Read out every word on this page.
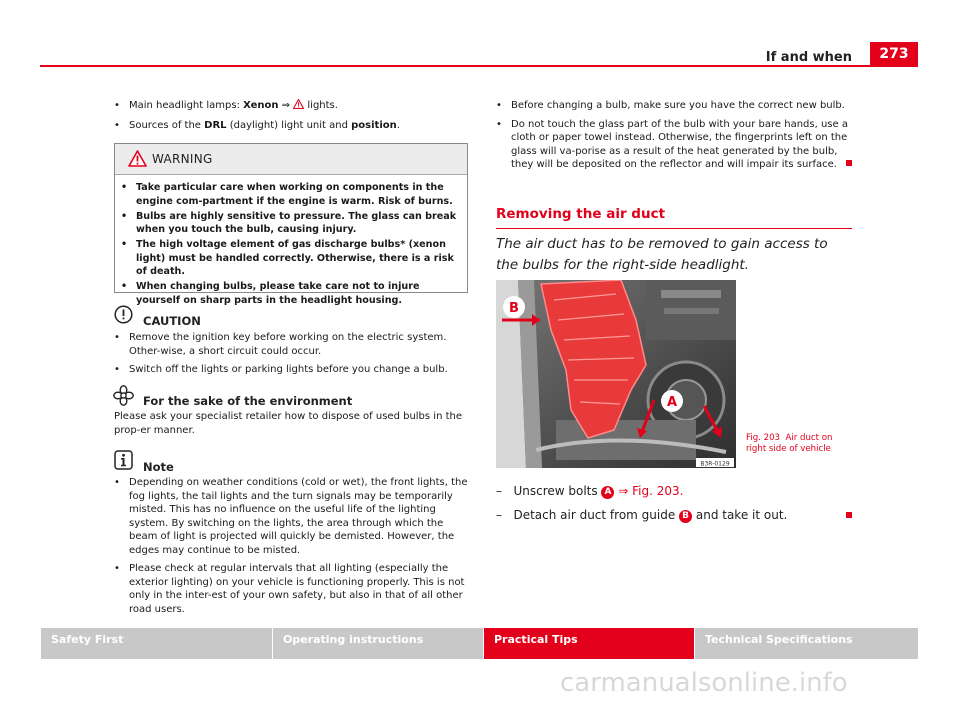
If and when	273
• Main headlight lamps: Xenon ⇒  lights.
• Sources of the DRL (daylight) light unit and position.
WARNING
• Take particular care when working on components in the engine com-partment if the engine is warm. Risk of burns.
• Bulbs are highly sensitive to pressure. The glass can break when you touch the bulb, causing injury.
• The high voltage element of gas discharge bulbs* (xenon light) must be handled correctly. Otherwise, there is a risk of death.
• When changing bulbs, please take care not to injure yourself on sharp parts in the headlight housing.
CAUTION
• Remove the ignition key before working on the electric system. Other-wise, a short circuit could occur.
• Switch off the lights or parking lights before you change a bulb.
For the sake of the environment
Please ask your specialist retailer how to dispose of used bulbs in the prop-er manner.
Note
• Depending on weather conditions (cold or wet), the front lights, the fog lights, the tail lights and the turn signals may be temporarily misted. This has no influence on the useful life of the lighting system. By switching on the lights, the area through which the beam of light is projected will quickly be demisted. However, the edges may continue to be misted.
• Please check at regular intervals that all lighting (especially the exterior lighting) on your vehicle is functioning properly. This is not only in the inter-est of your own safety, but also in that of all other road users.
• Before changing a bulb, make sure you have the correct new bulb.
• Do not touch the glass part of the bulb with your bare hands, use a cloth or paper towel instead. Otherwise, the fingerprints left on the glass will va-porise as a result of the heat generated by the bulb, they will be deposited on the reflector and will impair its surface.
Removing the air duct
The air duct has to be removed to gain access to the bulbs for the right-side headlight.
B
A
B3R-0129
Fig. 203 Air duct on right side of vehicle
– Unscrew bolts A ⇒ Fig. 203.
– Detach air duct from guide B and take it out.
Safety First	Operating instructions	Practical Tips	Technical Specifications
carmanualsonline.info
